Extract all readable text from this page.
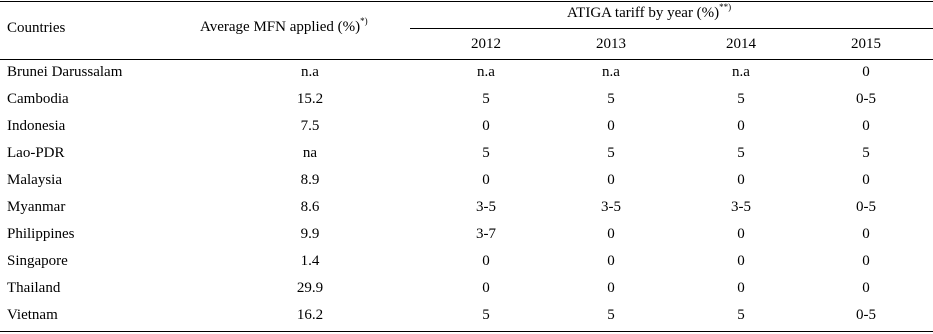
Countries	Average MFN applied (%)*)	ATIGA tariff by year (%)**)
2012	2013	2014	2015
Brunei Darussalam	n.a	n.a	n.a	n.a	0
Cambodia	15.2	5	5	5	0-5
Indonesia	7.5	0	0	0	0
Lao-PDR	na	5	5	5	5
Malaysia	8.9	0	0	0	0
Myanmar	8.6	3-5	3-5	3-5	0-5
Philippines	9.9	3-7	0	0	0
Singapore	1.4	0	0	0	0
Thailand	29.9	0	0	0	0
Vietnam	16.2	5	5	5	0-5
